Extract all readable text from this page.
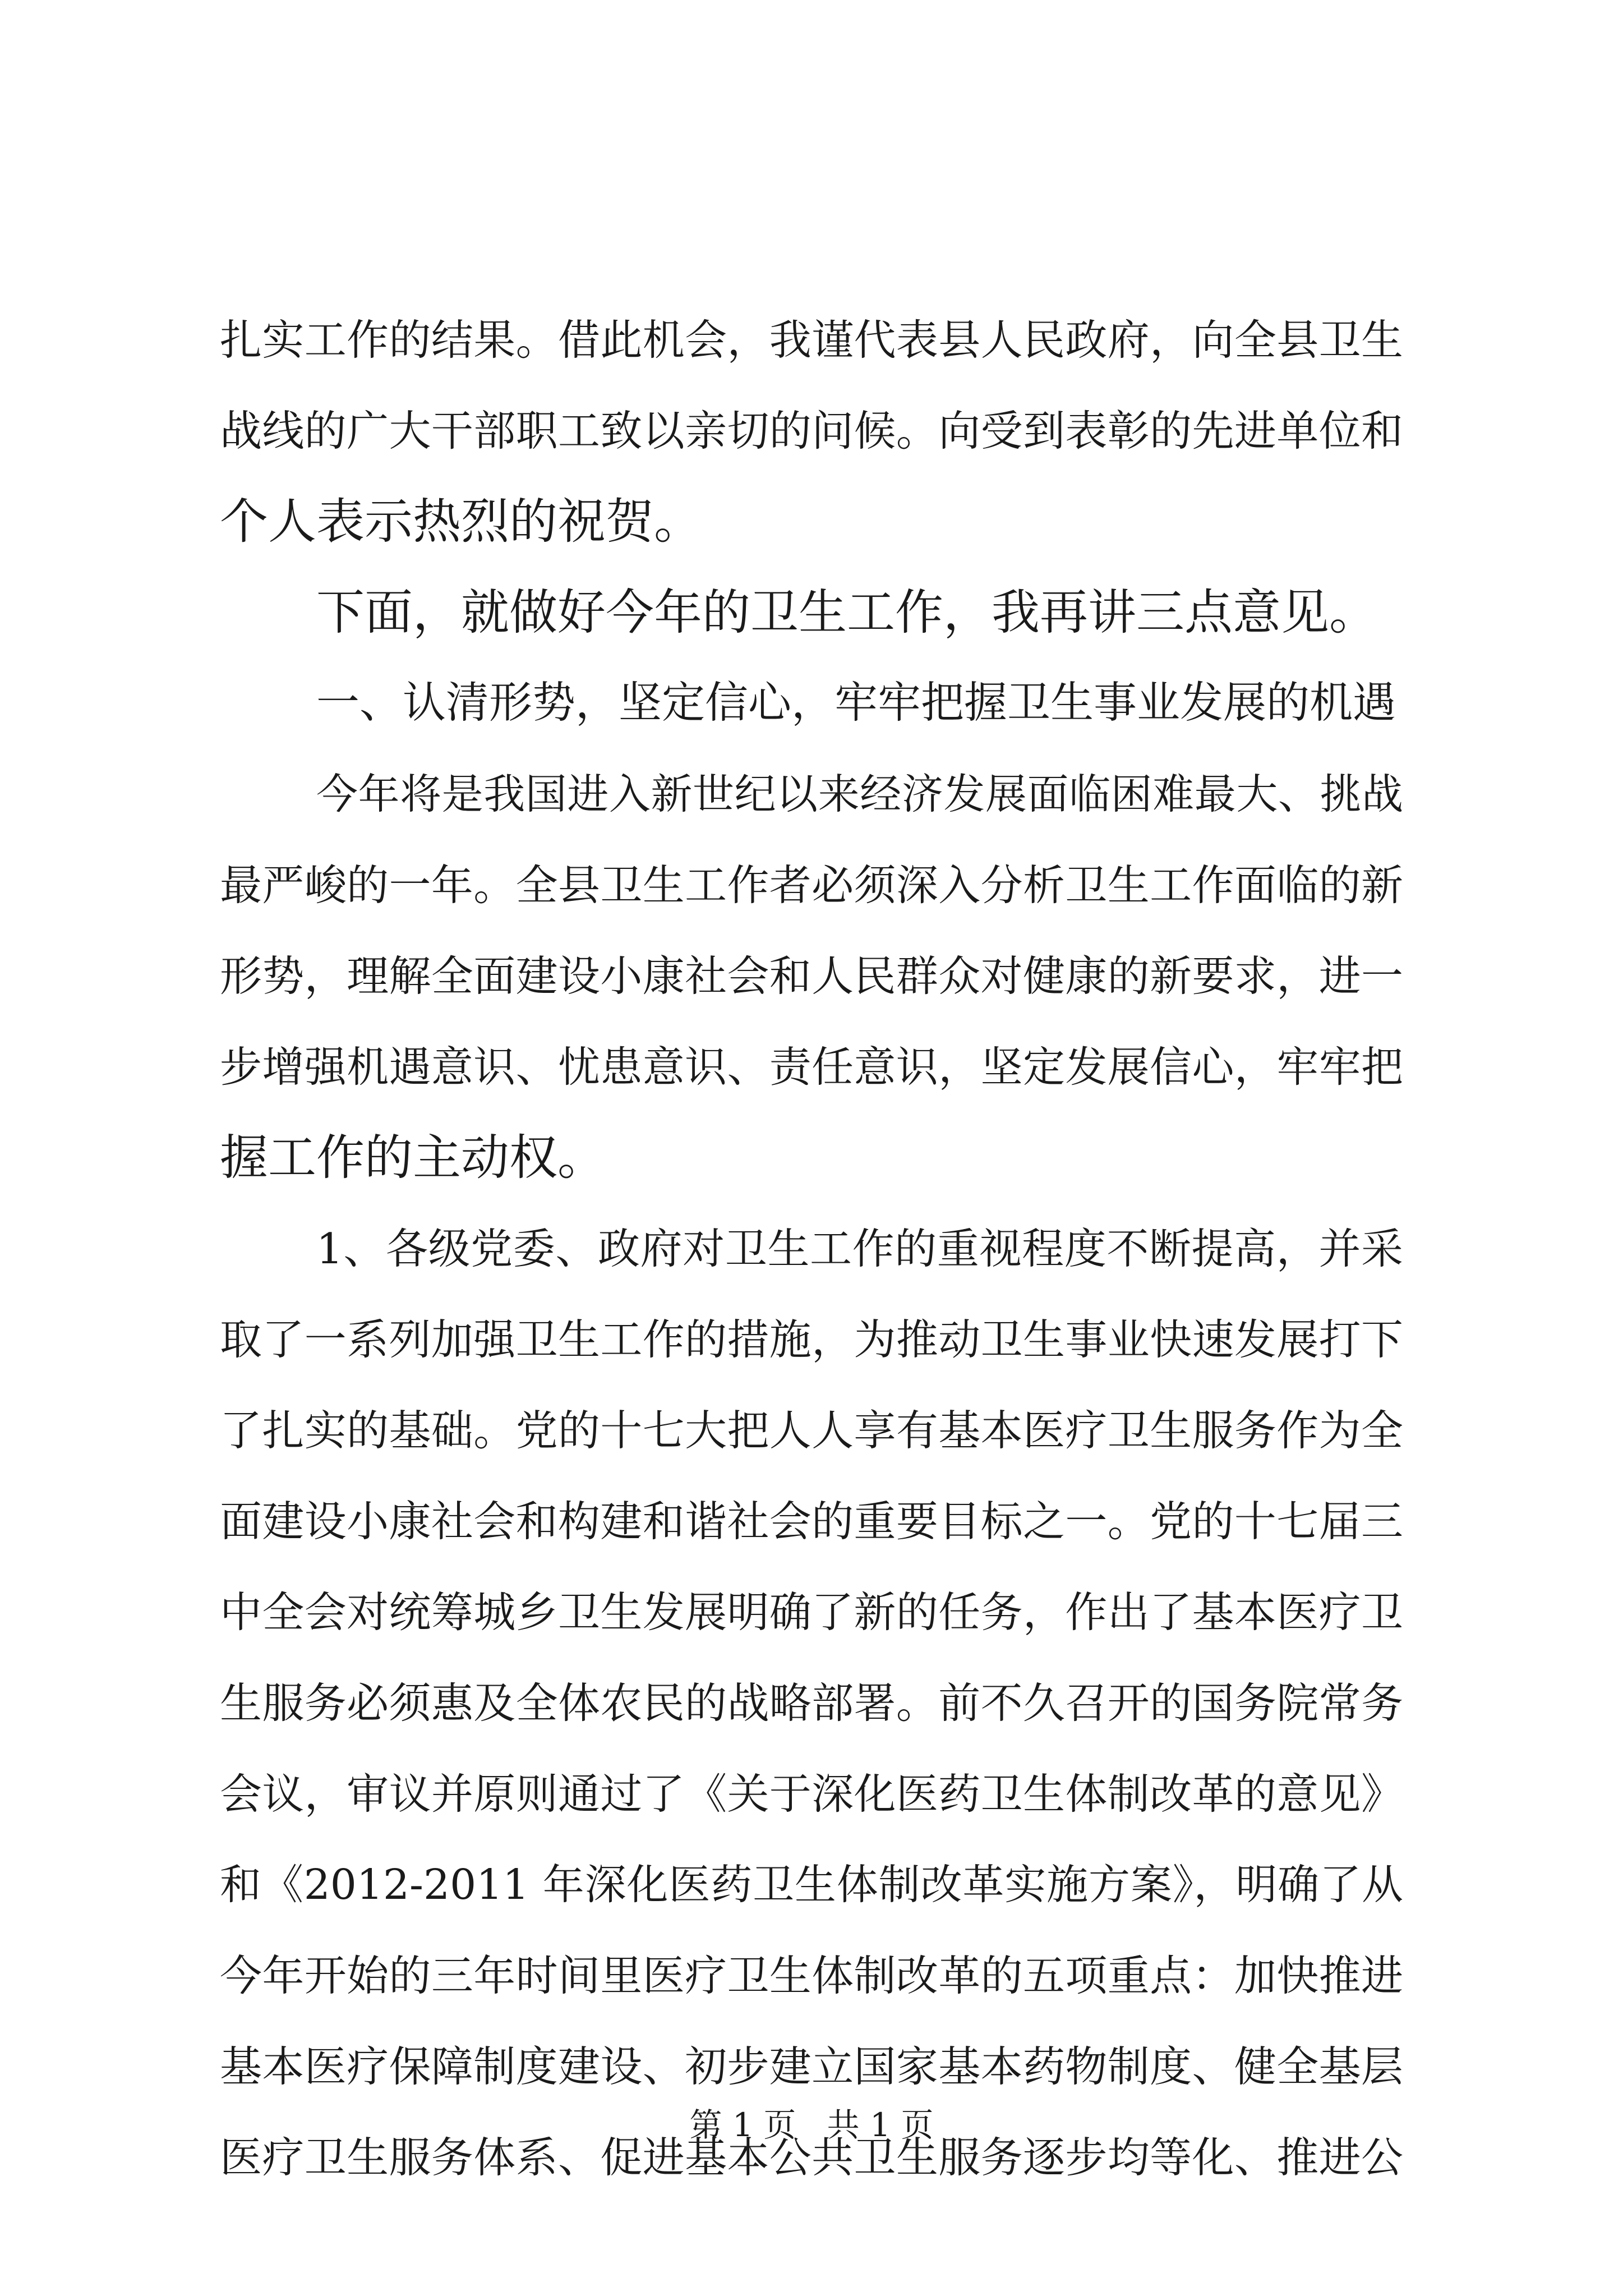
扎实工作的结果。借此机会，我谨代表县人民政府，向全县卫生
战线的广大干部职工致以亲切的问候。向受到表彰的先进单位和
个人表示热烈的祝贺。
下面，就做好今年的卫生工作，我再讲三点意见。
一、认清形势，坚定信心，牢牢把握卫生事业发展的机遇
今年将是我国进入新世纪以来经济发展面临困难最大、挑战
最严峻的一年。全县卫生工作者必须深入分析卫生工作面临的新
形势，理解全面建设小康社会和人民群众对健康的新要求，进一
步增强机遇意识、忧患意识、责任意识，坚定发展信心，牢牢把
握工作的主动权。
1、各级党委、政府对卫生工作的重视程度不断提高，并采
取了一系列加强卫生工作的措施，为推动卫生事业快速发展打下
了扎实的基础。党的十七大把人人享有基本医疗卫生服务作为全
面建设小康社会和构建和谐社会的重要目标之一。党的十七届三
中全会对统筹城乡卫生发展明确了新的任务，作出了基本医疗卫
生服务必须惠及全体农民的战略部署。前不久召开的国务院常务
会议，审议并原则通过了《关于深化医药卫生体制改革的意见》
和《2012-2011 年深化医药卫生体制改革实施方案》，明确了从
今年开始的三年时间里医疗卫生体制改革的五项重点：加快推进
基本医疗保障制度建设、初步建立国家基本药物制度、健全基层
医疗卫生服务体系、促进基本公共卫生服务逐步均等化、推进公
第 1 页 共 1 页
